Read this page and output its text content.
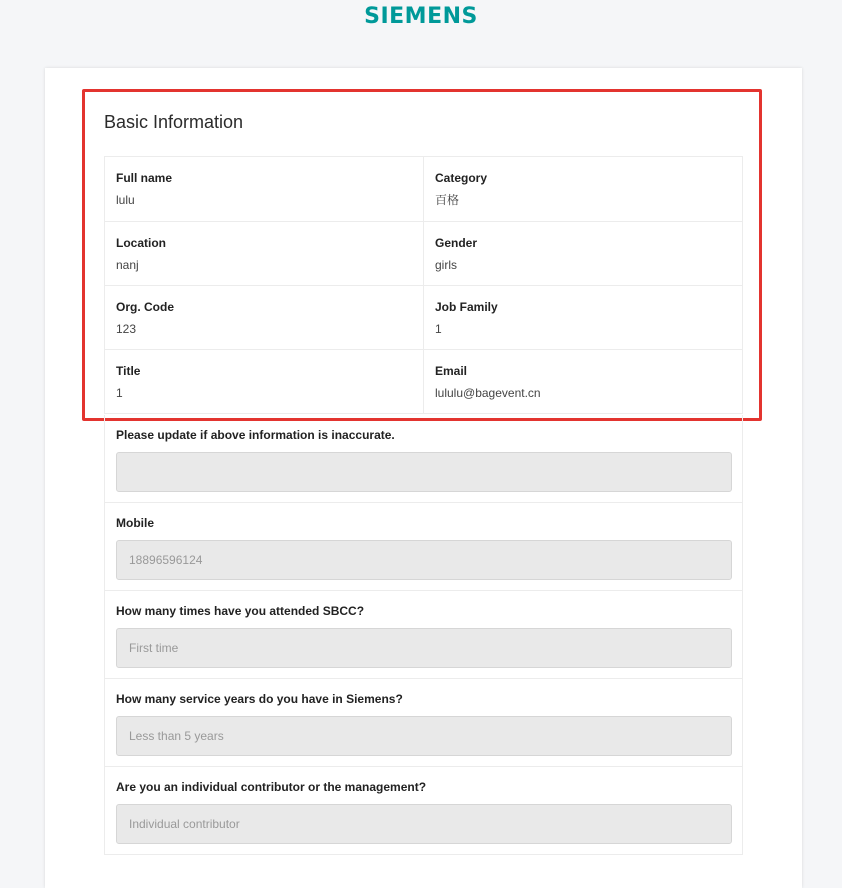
SIEMENS
Basic Information
Full name
lulu
Category
百格
Location
nanj
Gender
girls
Org. Code
123
Job Family
1
Title
1
Email
lululu@bagevent.cn
Please update if above information is inaccurate.
Mobile
18896596124
How many times have you attended SBCC?
First time
How many service years do you have in Siemens?
Less than 5 years
Are you an individual contributor or the management?
Individual contributor
